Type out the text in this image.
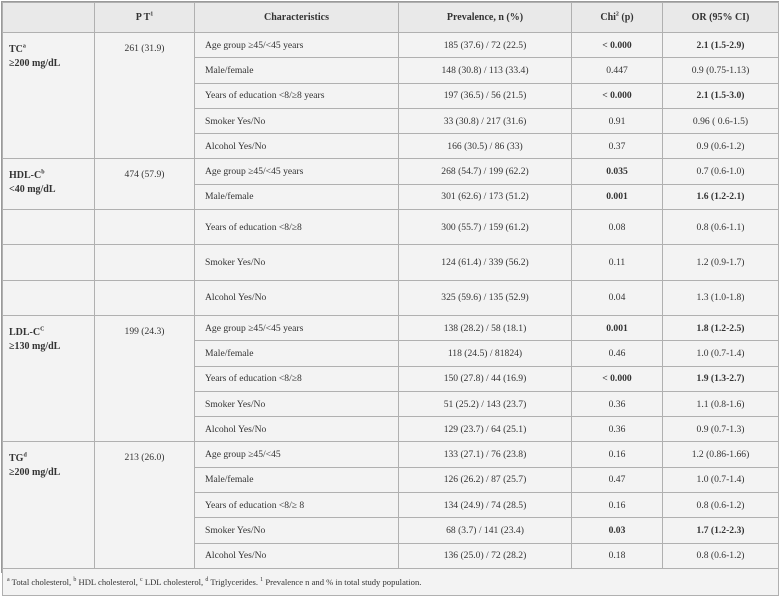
	P $T^1$	Characteristics	Prevalence, n (%)	Chi$^2$ (p)	OR (95% CI)

$TC^a$
≥200 mg/dL	261 (31.9)	Age group ≥45/<45 years	185 (37.6) / 72 (22.5)	< 0.000	2.1 (1.5-2.9)
		Male/female	148 (30.8) / 113 (33.4)	0.447	0.9 (0.75-1.13)
		Years of education <8/≥8 years	197 (36.5) / 56 (21.5)	< 0.000	2.1 (1.5-3.0)
		Smoker Yes/No	33 (30.8) / 217 (31.6)	0.91	0.96 ( 0.6-1.5)
		Alcohol Yes/No	166 (30.5) / 86 (33)	0.37	0.9 (0.6-1.2)

HDL-$C^b$
<40 mg/dL	474 (57.9)	Age group ≥45/<45 years	268 (54.7) / 199 (62.2)	0.035	0.7 (0.6-1.0)
		Male/female	301 (62.6) / 173 (51.2)	0.001	1.6 (1.2-2.1)
		Years of education <8/≥8	300 (55.7) / 159 (61.2)	0.08	0.8 (0.6-1.1)
		Smoker Yes/No	124 (61.4) / 339 (56.2)	0.11	1.2 (0.9-1.7)
		Alcohol Yes/No	325 (59.6) / 135 (52.9)	0.04	1.3 (1.0-1.8)

LDL-$C^C$
≥130 mg/dL	199 (24.3)	Age group ≥45/<45 years	138 (28.2) / 58 (18.1)	0.001	1.8 (1.2-2.5)
		Male/female	118 (24.5) / 81824)	0.46	1.0 (0.7-1.4)
		Years of education <8/≥8	150 (27.8) / 44 (16.9)	< 0.000	1.9 (1.3-2.7)
		Smoker Yes/No	51 (25.2) / 143 (23.7)	0.36	1.1 (0.8-1.6)
		Alcohol Yes/No	129 (23.7) / 64 (25.1)	0.36	0.9 (0.7-1.3)

$TG^d$
≥200 mg/dL	213 (26.0)	Age group ≥45/<45	133 (27.1) / 76 (23.8)	0.16	1.2 (0.86-1.66)
		Male/female	126 (26.2) / 87 (25.7)	0.47	1.0 (0.7-1.4)
		Years of education <8/≥ 8	134 (24.9) / 74 (28.5)	0.16	0.8 (0.6-1.2)
		Smoker Yes/No	68 (3.7) / 141 (23.4)	0.03	1.7 (1.2-2.3)
		Alcohol Yes/No	136 (25.0) / 72 (28.2)	0.18	0.8 (0.6-1.2)
$^a$ Total cholesterol, $^b$ HDL cholesterol, $^c$ LDL cholesterol, $^d$ Triglycerides. $^1$ Prevalence n and % in total study population.					
